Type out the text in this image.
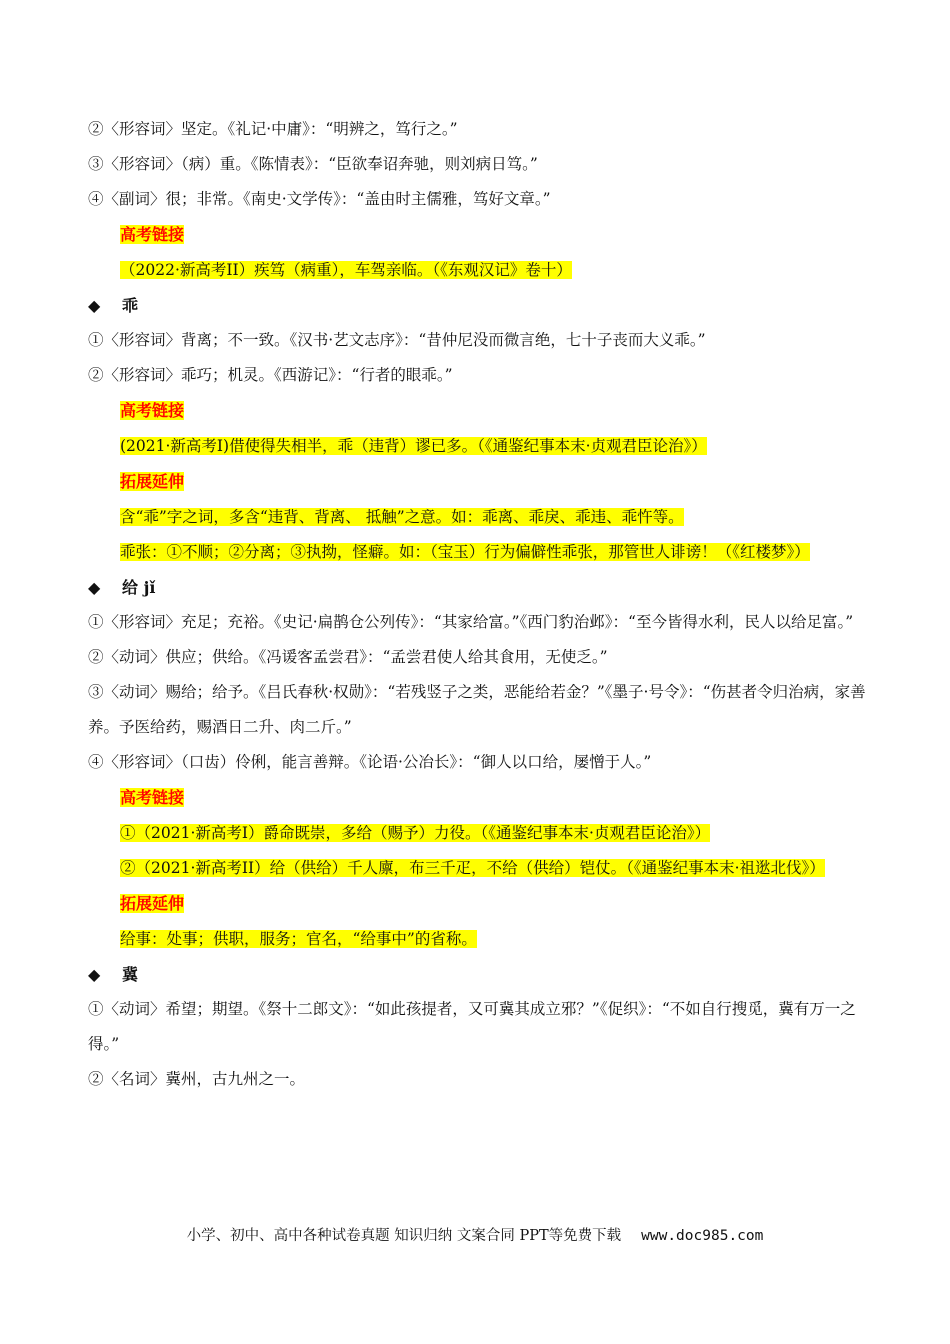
②〈形容词〉坚定。《礼记·中庸》：“明辨之，笃行之。”
③〈形容词〉（病）重。《陈情表》：“臣欲奉诏奔驰，则刘病日笃。”
④〈副词〉很；非常。《南史·文学传》：“盖由时主儒雅，笃好文章。”
高考链接
（2022·新高考II）疾笃（病重），车驾亲临。（《东观汉记》卷十）
◆ 乖
①〈形容词〉背离；不一致。《汉书·艺文志序》：“昔仲尼没而微言绝，七十子丧而大义乖。”
②〈形容词〉乖巧；机灵。《西游记》：“行者的眼乖。”
高考链接
(2021·新高考I)借使得失相半，乖（违背）谬已多。（《通鉴纪事本末·贞观君臣论治》）
拓展延伸
含“乖”字之词，多含“违背、背离、 抵触”之意。如：乖离、乖戾、乖违、乖忤等。
乖张：①不顺；②分离；③执拗，怪癖。如：（宝玉）行为偏僻性乖张，那管世人诽谤！（《红楼梦》）
◆ 给 jǐ
①〈形容词〉充足；充裕。《史记·扁鹊仓公列传》：“其家给富。”《西门豹治邺》：“至今皆得水利，民人以给足富。”
②〈动词〉供应；供给。《冯谖客孟尝君》：“孟尝君使人给其食用，无使乏。”
③〈动词〉赐给；给予。《吕氏春秋·权勋》：“若残竖子之类，恶能给若金？”《墨子·号令》：“伤甚者令归治病，家善养。予医给药，赐酒日二升、肉二斤。”
④〈形容词〉（口齿）伶俐，能言善辩。《论语·公冶长》：“御人以口给，屡憎于人。”
高考链接
①（2021·新高考I）爵命既崇，多给（赐予）力役。（《通鉴纪事本末·贞观君臣论治》）
②（2021·新高考II）给（供给）千人廪，布三千疋，不给（供给）铠仗。（《通鉴纪事本末·祖逖北伐》）
拓展延伸
给事：处事；供职，服务；官名，“给事中”的省称。
◆ 冀
①〈动词〉希望；期望。《祭十二郎文》：“如此孩提者，又可冀其成立邪？”《促织》：“不如自行搜觅，冀有万一之得。”
②〈名词〉冀州，古九州之一。
小学、初中、高中各种试卷真题 知识归纳 文案合同 PPT等免费下载 www.doc985.com
